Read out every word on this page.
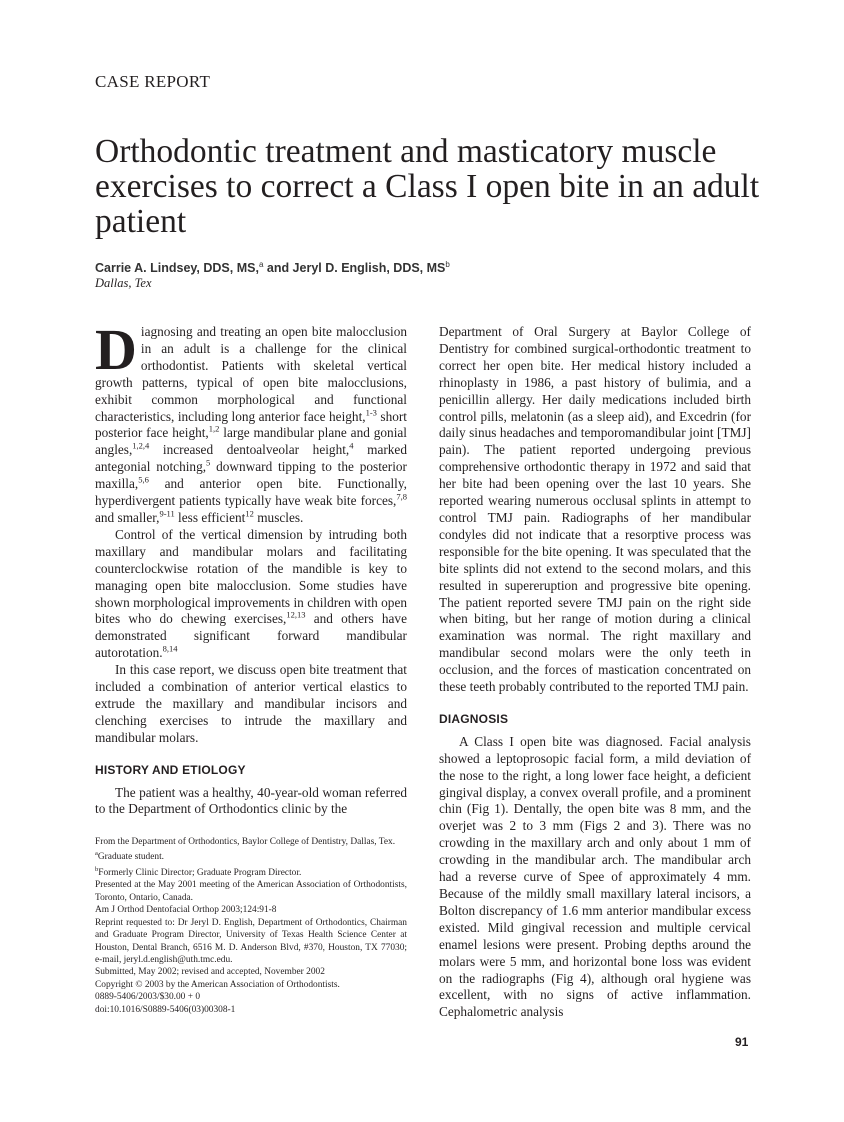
CASE REPORT
Orthodontic treatment and masticatory muscle exercises to correct a Class I open bite in an adult patient
Carrie A. Lindsey, DDS, MS,$^a$ and Jeryl D. English, DDS, $MS^b$
Dallas, Tex

Diagnosing and treating an open bite malocclusion in an adult is a challenge for the clinical orthodontist. Patients with skeletal vertical growth patterns, typical of open bite malocclusions, exhibit common morphological and functional characteristics, including long anterior face height,$^{1-3}$ short posterior face height,$^{1,2}$ large mandibular plane and gonial angles,$^{1,2,4}$ increased dentoalveolar height,$^4$ marked antegonial notching,$^5$ downward tipping to the posterior maxilla,$^{5,6}$ and anterior open bite. Functionally, hyperdivergent patients typically have weak bite forces,$^{7,8}$ and smaller,$^{9-11}$ less efficient$^{12}$ muscles.

Control of the vertical dimension by intruding both maxillary and mandibular molars and facilitating counterclockwise rotation of the mandible is key to managing open bite malocclusion. Some studies have shown morphological improvements in children with open bites who do chewing exercises,$^{12,13}$ and others have demonstrated significant forward mandibular autorotation.$^{8,14}$

In this case report, we discuss open bite treatment that included a combination of anterior vertical elastics to extrude the maxillary and mandibular incisors and clenching exercises to intrude the maxillary and mandibular molars.

HISTORY AND ETIOLOGY

The patient was a healthy, 40-year-old woman referred to the Department of Orthodontics clinic by the

Department of Oral Surgery at Baylor College of Dentistry for combined surgical-orthodontic treatment to correct her open bite. Her medical history included a rhinoplasty in 1986, a past history of bulimia, and a penicillin allergy. Her daily medications included birth control pills, melatonin (as a sleep aid), and Excedrin (for daily sinus headaches and temporomandibular joint [TMJ] pain). The patient reported undergoing previous comprehensive orthodontic therapy in 1972 and said that her bite had been opening over the last 10 years. She reported wearing numerous occlusal splints in attempt to control TMJ pain. Radiographs of her mandibular condyles did not indicate that a resorptive process was responsible for the bite opening. It was speculated that the bite splints did not extend to the second molars, and this resulted in supereruption and progressive bite opening. The patient reported severe TMJ pain on the right side when biting, but her range of motion during a clinical examination was normal. The right maxillary and mandibular second molars were the only teeth in occlusion, and the forces of mastication concentrated on these teeth probably contributed to the reported TMJ pain.

DIAGNOSIS

A Class I open bite was diagnosed. Facial analysis showed a leptoprosopic facial form, a mild deviation of the nose to the right, a long lower face height, a deficient gingival display, a convex overall profile, and a prominent chin (Fig 1). Dentally, the open bite was 8 mm, and the overjet was 2 to 3 mm (Figs 2 and 3). There was no crowding in the maxillary arch and only about 1 mm of crowding in the mandibular arch. The mandibular arch had a reverse curve of Spee of approximately 4 mm. Because of the mildly small maxillary lateral incisors, a Bolton discrepancy of 1.6 mm anterior mandibular excess existed. Mild gingival recession and multiple cervical enamel lesions were present. Probing depths around the molars were 5 mm, and horizontal bone loss was evident on the radiographs (Fig 4), although oral hygiene was excellent, with no signs of active inflammation. Cephalometric analysis

From the Department of Orthodontics, Baylor College of Dentistry, Dallas, Tex.
$^a$Graduate student.
$^b$Formerly Clinic Director; Graduate Program Director.
Presented at the May 2001 meeting of the American Association of Orthodontists, Toronto, Ontario, Canada.
Am J Orthod Dentofacial Orthop 2003;124:91-8
Reprint requested to: Dr Jeryl D. English, Department of Orthodontics, Chairman and Graduate Program Director, University of Texas Health Science Center at Houston, Dental Branch, 6516 M. D. Anderson Blvd, #370, Houston, TX 77030; e-mail, jeryl.d.english@uth.tmc.edu.
Submitted, May 2002; revised and accepted, November 2002
Copyright © 2003 by the American Association of Orthodontists.
0889-5406/2003/$30.00 + 0
doi:10.1016/S0889-5406(03)00308-1
91
